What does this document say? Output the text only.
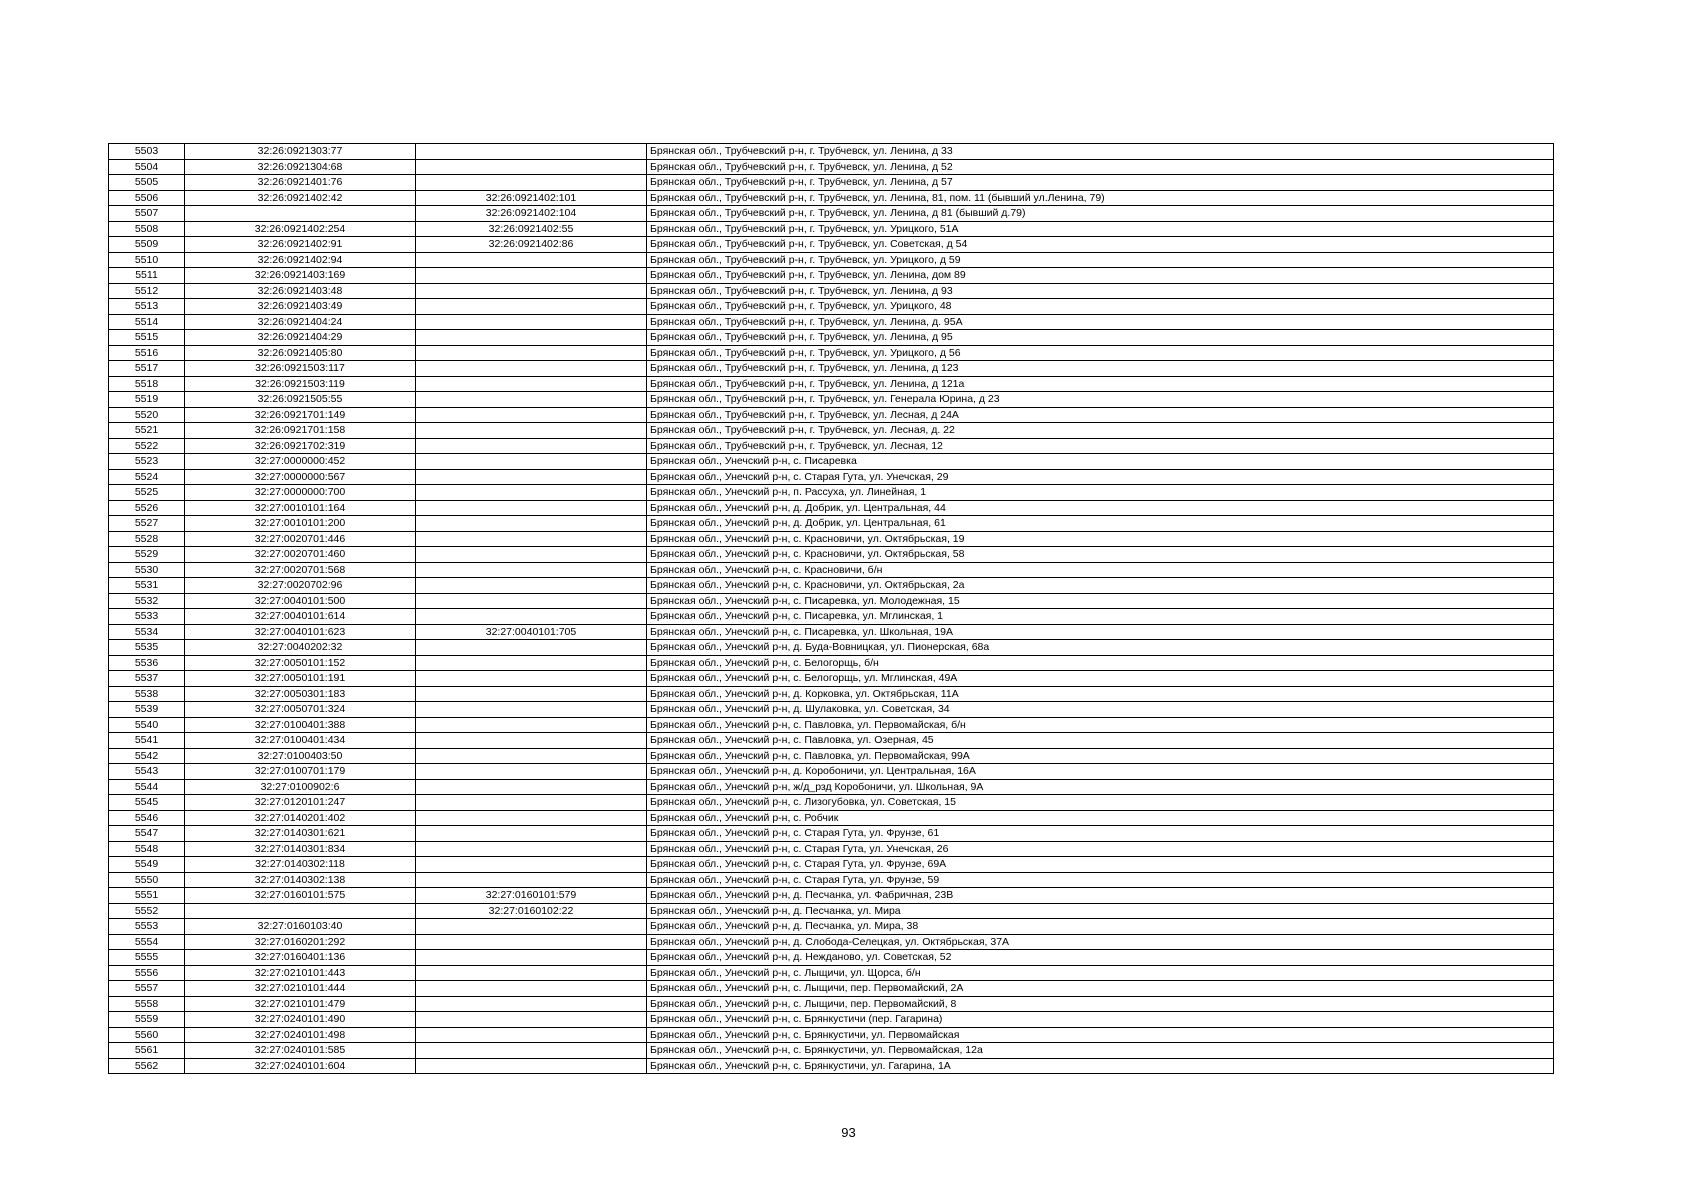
5503	32:26:0921303:77		Брянская обл., Трубчевский р-н, г. Трубчевск, ул. Ленина, д 33
5504	32:26:0921304:68		Брянская обл., Трубчевский р-н, г. Трубчевск, ул. Ленина, д 52
5505	32:26:0921401:76		Брянская обл., Трубчевский р-н, г. Трубчевск, ул. Ленина, д 57
5506	32:26:0921402:42	32:26:0921402:101	Брянская обл., Трубчевский р-н, г. Трубчевск, ул. Ленина, 81, пом. 11 (бывший ул.Ленина, 79)
5507		32:26:0921402:104	Брянская обл., Трубчевский р-н, г. Трубчевск, ул. Ленина, д 81 (бывший д.79)
5508	32:26:0921402:254	32:26:0921402:55	Брянская обл., Трубчевский р-н, г. Трубчевск, ул. Урицкого, 51А
5509	32:26:0921402:91	32:26:0921402:86	Брянская обл., Трубчевский р-н, г. Трубчевск, ул. Советская, д 54
5510	32:26:0921402:94		Брянская обл., Трубчевский р-н, г. Трубчевск, ул. Урицкого, д 59
5511	32:26:0921403:169		Брянская обл., Трубчевский р-н, г. Трубчевск, ул. Ленина, дом 89
5512	32:26:0921403:48		Брянская обл., Трубчевский р-н, г. Трубчевск, ул. Ленина, д 93
5513	32:26:0921403:49		Брянская обл., Трубчевский р-н, г. Трубчевск, ул. Урицкого, 48
5514	32:26:0921404:24		Брянская обл., Трубчевский р-н, г. Трубчевск, ул. Ленина, д. 95А
5515	32:26:0921404:29		Брянская обл., Трубчевский р-н, г. Трубчевск, ул. Ленина, д 95
5516	32:26:0921405:80		Брянская обл., Трубчевский р-н, г. Трубчевск, ул. Урицкого, д 56
5517	32:26:0921503:117		Брянская обл., Трубчевский р-н, г. Трубчевск, ул. Ленина, д 123
5518	32:26:0921503:119		Брянская обл., Трубчевский р-н, г. Трубчевск, ул. Ленина, д 121а
5519	32:26:0921505:55		Брянская обл., Трубчевский р-н, г. Трубчевск, ул. Генерала Юрина, д 23
5520	32:26:0921701:149		Брянская обл., Трубчевский р-н, г. Трубчевск, ул. Лесная, д 24А
5521	32:26:0921701:158		Брянская обл., Трубчевский р-н, г. Трубчевск, ул. Лесная, д. 22
5522	32:26:0921702:319		Брянская обл., Трубчевский р-н, г. Трубчевск, ул. Лесная, 12
5523	32:27:0000000:452		Брянская обл., Унечский р-н, с. Писаревка
5524	32:27:0000000:567		Брянская обл., Унечский р-н, с. Старая Гута, ул. Унечская, 29
5525	32:27:0000000:700		Брянская обл., Унечский р-н, п. Рассуха, ул. Линейная, 1
5526	32:27:0010101:164		Брянская обл., Унечский р-н, д. Добрик, ул. Центральная, 44
5527	32:27:0010101:200		Брянская обл., Унечский р-н, д. Добрик, ул. Центральная, 61
5528	32:27:0020701:446		Брянская обл., Унечский р-н, с. Красновичи, ул. Октябрьская, 19
5529	32:27:0020701:460		Брянская обл., Унечский р-н, с. Красновичи, ул. Октябрьская, 58
5530	32:27:0020701:568		Брянская обл., Унечский р-н, с. Красновичи, б/н
5531	32:27:0020702:96		Брянская обл., Унечский р-н, с. Красновичи, ул. Октябрьская, 2а
5532	32:27:0040101:500		Брянская обл., Унечский р-н, с. Писаревка, ул. Молодежная, 15
5533	32:27:0040101:614		Брянская обл., Унечский р-н, с. Писаревка, ул. Мглинская, 1
5534	32:27:0040101:623	32:27:0040101:705	Брянская обл., Унечский р-н, с. Писаревка, ул. Школьная, 19А
5535	32:27:0040202:32		Брянская обл., Унечский р-н, д. Буда-Вовницкая, ул. Пионерская, 68а
5536	32:27:0050101:152		Брянская обл., Унечский р-н, с. Белогорщь, б/н
5537	32:27:0050101:191		Брянская обл., Унечский р-н, с. Белогорщь, ул. Мглинская, 49А
5538	32:27:0050301:183		Брянская обл., Унечский р-н, д. Корковка, ул. Октябрьская, 11А
5539	32:27:0050701:324		Брянская обл., Унечский р-н, д. Шулаковка, ул. Советская, 34
5540	32:27:0100401:388		Брянская обл., Унечский р-н, с. Павловка, ул. Первомайская, б/н
5541	32:27:0100401:434		Брянская обл., Унечский р-н, с. Павловка, ул. Озерная, 45
5542	32:27:0100403:50		Брянская обл., Унечский р-н, с. Павловка, ул. Первомайская, 99А
5543	32:27:0100701:179		Брянская обл., Унечский р-н, д. Коробоничи, ул. Центральная, 16А
5544	32:27:0100902:6		Брянская обл., Унечский р-н, ж/д_рзд Коробоничи, ул. Школьная, 9А
5545	32:27:0120101:247		Брянская обл., Унечский р-н, с. Лизогубовка, ул. Советская, 15
5546	32:27:0140201:402		Брянская обл., Унечский р-н, с. Робчик
5547	32:27:0140301:621		Брянская обл., Унечский р-н, с. Старая Гута, ул. Фрунзе, 61
5548	32:27:0140301:834		Брянская обл., Унечский р-н, с. Старая Гута, ул. Унечская, 26
5549	32:27:0140302:118		Брянская обл., Унечский р-н, с. Старая Гута, ул. Фрунзе, 69А
5550	32:27:0140302:138		Брянская обл., Унечский р-н, с. Старая Гута, ул. Фрунзе, 59
5551	32:27:0160101:575	32:27:0160101:579	Брянская обл., Унечский р-н, д. Песчанка, ул. Фабричная, 23В
5552		32:27:0160102:22	Брянская обл., Унечский р-н, д. Песчанка, ул. Мира
5553	32:27:0160103:40		Брянская обл., Унечский р-н, д. Песчанка, ул. Мира, 38
5554	32:27:0160201:292		Брянская обл., Унечский р-н, д. Слобода-Селецкая, ул. Октябрьская, 37А
5555	32:27:0160401:136		Брянская обл., Унечский р-н, д. Нежданово, ул. Советская, 52
5556	32:27:0210101:443		Брянская обл., Унечский р-н, с. Лыщичи, ул. Щорса, б/н
5557	32:27:0210101:444		Брянская обл., Унечский р-н, с. Лыщичи, пер. Первомайский, 2А
5558	32:27:0210101:479		Брянская обл., Унечский р-н, с. Лыщичи, пер. Первомайский, 8
5559	32:27:0240101:490		Брянская обл., Унечский р-н, с. Брянкустичи (пер. Гагарина)
5560	32:27:0240101:498		Брянская обл., Унечский р-н, с. Брянкустичи, ул. Первомайская
5561	32:27:0240101:585		Брянская обл., Унечский р-н, с. Брянкустичи, ул. Первомайская, 12а
5562	32:27:0240101:604		Брянская обл., Унечский р-н, с. Брянкустичи, ул. Гагарина, 1А
93
